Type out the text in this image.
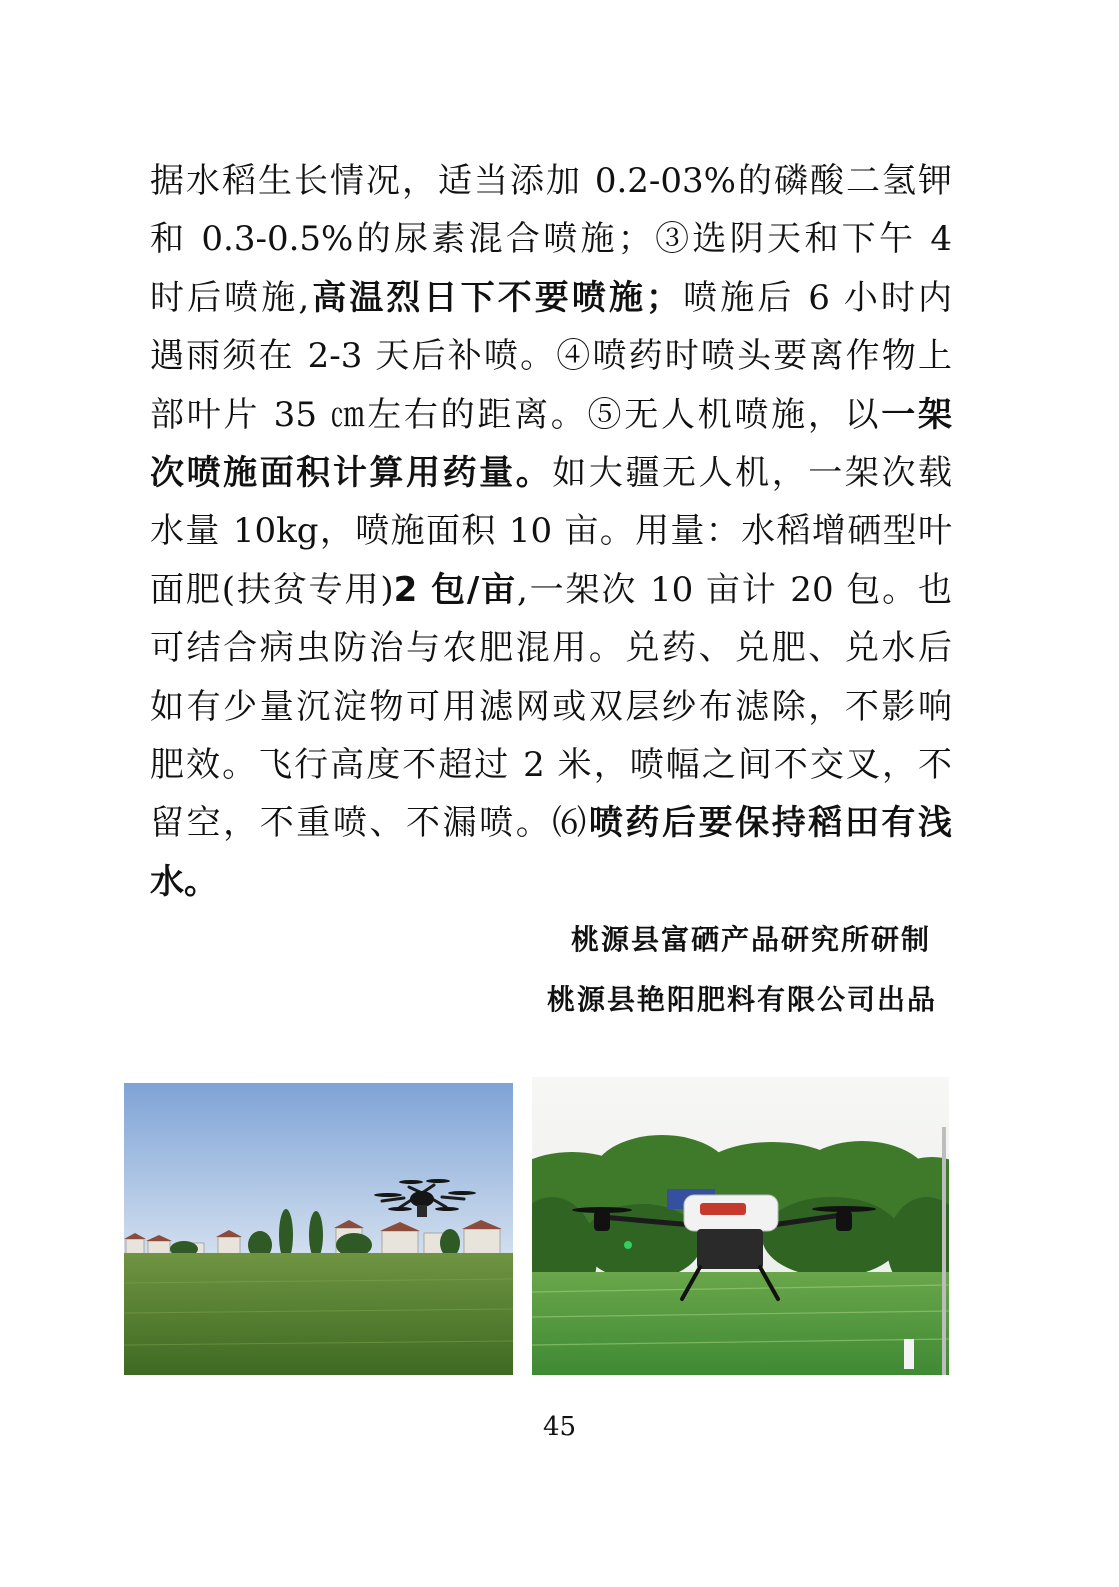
据水稻生长情况，适当添加 0.2-03%的磷酸二氢钾
和 0.3-0.5%的尿素混合喷施；③选阴天和下午 4
时后喷施,高温烈日下不要喷施；喷施后 6 小时内
遇雨须在 2-3 天后补喷。④喷药时喷头要离作物上
部叶片 35 ㎝左右的距离。⑤无人机喷施，以一架
次喷施面积计算用药量。如大疆无人机，一架次载
水量 10kg，喷施面积 10 亩。用量：水稻增硒型叶
面肥(扶贫专用)2 包/亩,一架次 10 亩计 20 包。也
可结合病虫防治与农肥混用。兑药、兑肥、兑水后
如有少量沉淀物可用滤网或双层纱布滤除，不影响
肥效。飞行高度不超过 2 米，喷幅之间不交叉，不
留空，不重喷、不漏喷。⑹喷药后要保持稻田有浅
水。
桃源县富硒产品研究所研制
桃源县艳阳肥料有限公司出品
45
